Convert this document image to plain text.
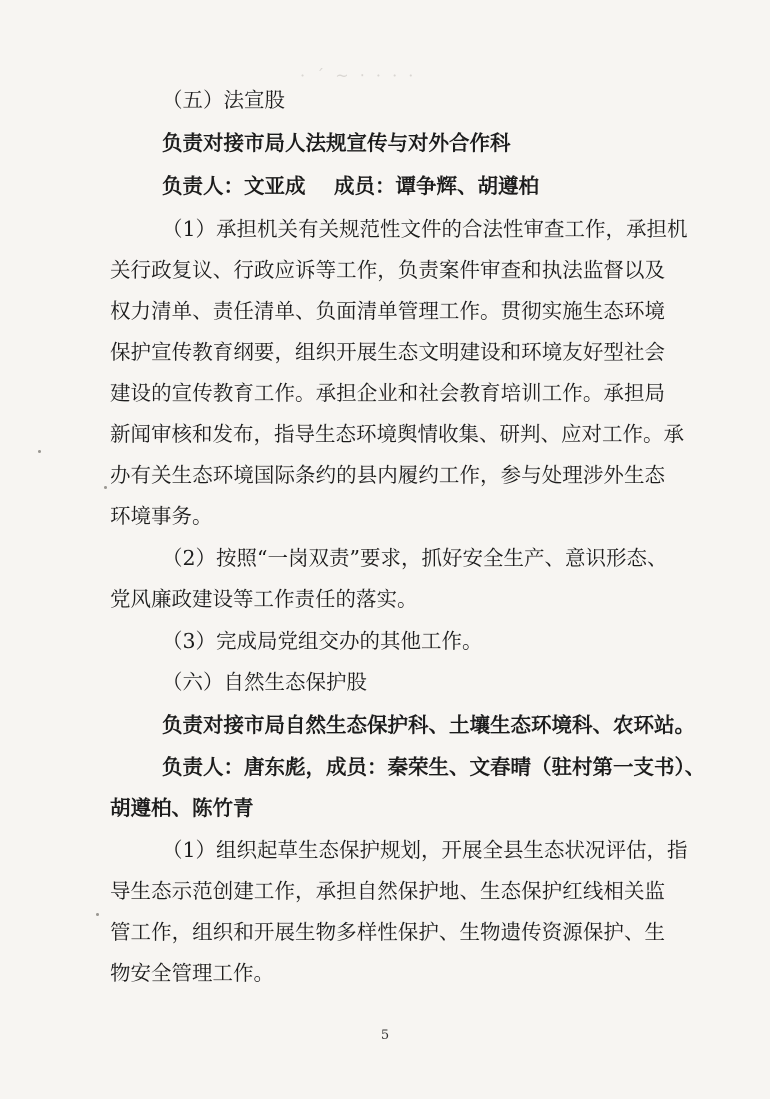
· ´ ~ ‧ · · ·
（五）法宣股
负责对接市局人法规宣传与对外合作科
负责人：文亚成    成员：谭争辉、胡遵柏
（1）承担机关有关规范性文件的合法性审查工作，承担机
关行政复议、行政应诉等工作，负责案件审查和执法监督以及
权力清单、责任清单、负面清单管理工作。贯彻实施生态环境
保护宣传教育纲要，组织开展生态文明建设和环境友好型社会
建设的宣传教育工作。承担企业和社会教育培训工作。承担局
新闻审核和发布，指导生态环境舆情收集、研判、应对工作。承
办有关生态环境国际条约的县内履约工作，参与处理涉外生态
环境事务。
（2）按照“一岗双责”要求，抓好安全生产、意识形态、
党风廉政建设等工作责任的落实。
（3）完成局党组交办的其他工作。
（六）自然生态保护股
负责对接市局自然生态保护科、土壤生态环境科、农环站。
负责人：唐东彪，成员：秦荣生、文春晴（驻村第一支书）、
胡遵柏、陈竹青
（1）组织起草生态保护规划，开展全县生态状况评估，指
导生态示范创建工作，承担自然保护地、生态保护红线相关监
管工作，组织和开展生物多样性保护、生物遗传资源保护、生
物安全管理工作。
5
